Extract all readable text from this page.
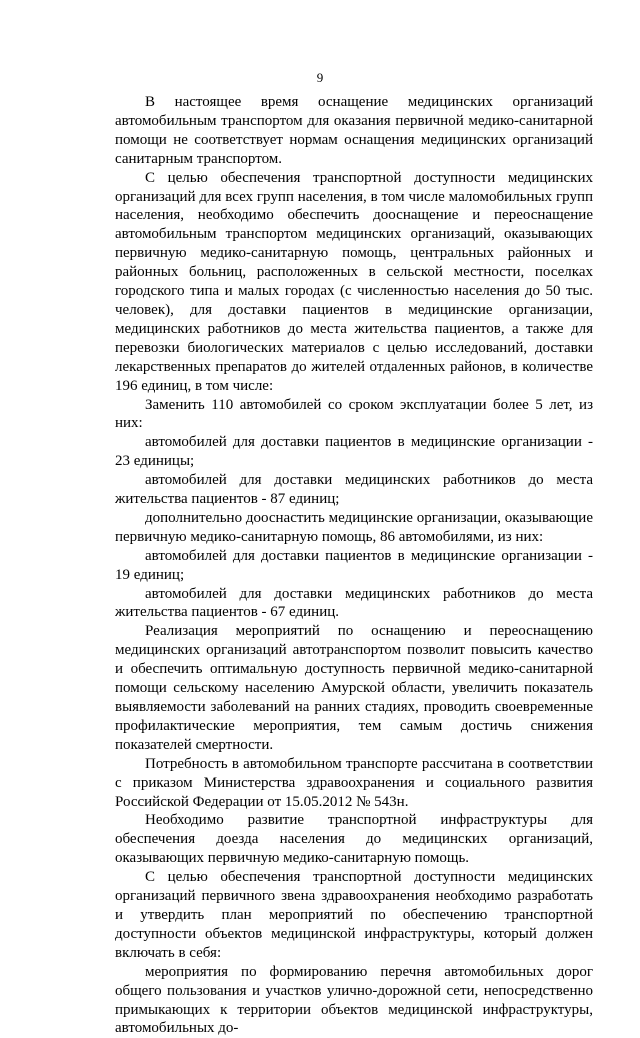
9

В настоящее время оснащение медицинских организаций автомобильным транспортом для оказания первичной медико-санитарной помощи не соответствует нормам оснащения медицинских организаций санитарным транспортом.

С целью обеспечения транспортной доступности медицинских организаций для всех групп населения, в том числе маломобильных групп населения, необходимо обеспечить дооснащение и переоснащение автомобильным транспортом медицинских организаций, оказывающих первичную медико-санитарную помощь, центральных районных и районных больниц, расположенных в сельской местности, поселках городского типа и малых городах (с численностью населения до 50 тыс. человек), для доставки пациентов в медицинские организации, медицинских работников до места жительства пациентов, а также для перевозки биологических материалов с целью исследований, доставки лекарственных препаратов до жителей отдаленных районов, в количестве 196 единиц, в том числе:

Заменить 110 автомобилей со сроком эксплуатации более 5 лет, из них:

автомобилей для доставки пациентов в медицинские организации - 23 единицы;

автомобилей для доставки медицинских работников до места жительства пациентов - 87 единиц;

дополнительно дооснастить медицинские организации, оказывающие первичную медико-санитарную помощь, 86 автомобилями, из них:

автомобилей для доставки пациентов в медицинские организации - 19 единиц;

автомобилей для доставки медицинских работников до места жительства пациентов - 67 единиц.

Реализация мероприятий по оснащению и переоснащению медицинских организаций автотранспортом позволит повысить качество и обеспечить оптимальную доступность первичной медико-санитарной помощи сельскому населению Амурской области, увеличить показатель выявляемости заболеваний на ранних стадиях, проводить своевременные профилактические мероприятия, тем самым достичь снижения показателей смертности.

Потребность в автомобильном транспорте рассчитана в соответствии с приказом Министерства здравоохранения и социального развития Российской Федерации от 15.05.2012 № 543н.

Необходимо развитие транспортной инфраструктуры для обеспечения доезда населения до медицинских организаций, оказывающих первичную медико-санитарную помощь.

С целью обеспечения транспортной доступности медицинских организаций первичного звена здравоохранения необходимо разработать и утвердить план мероприятий по обеспечению транспортной доступности объектов медицинской инфраструктуры, который должен включать в себя:

мероприятия по формированию перечня автомобильных дорог общего пользования и участков улично-дорожной сети, непосредственно примыкающих к территории объектов медицинской инфраструктуры, автомобильных до-
